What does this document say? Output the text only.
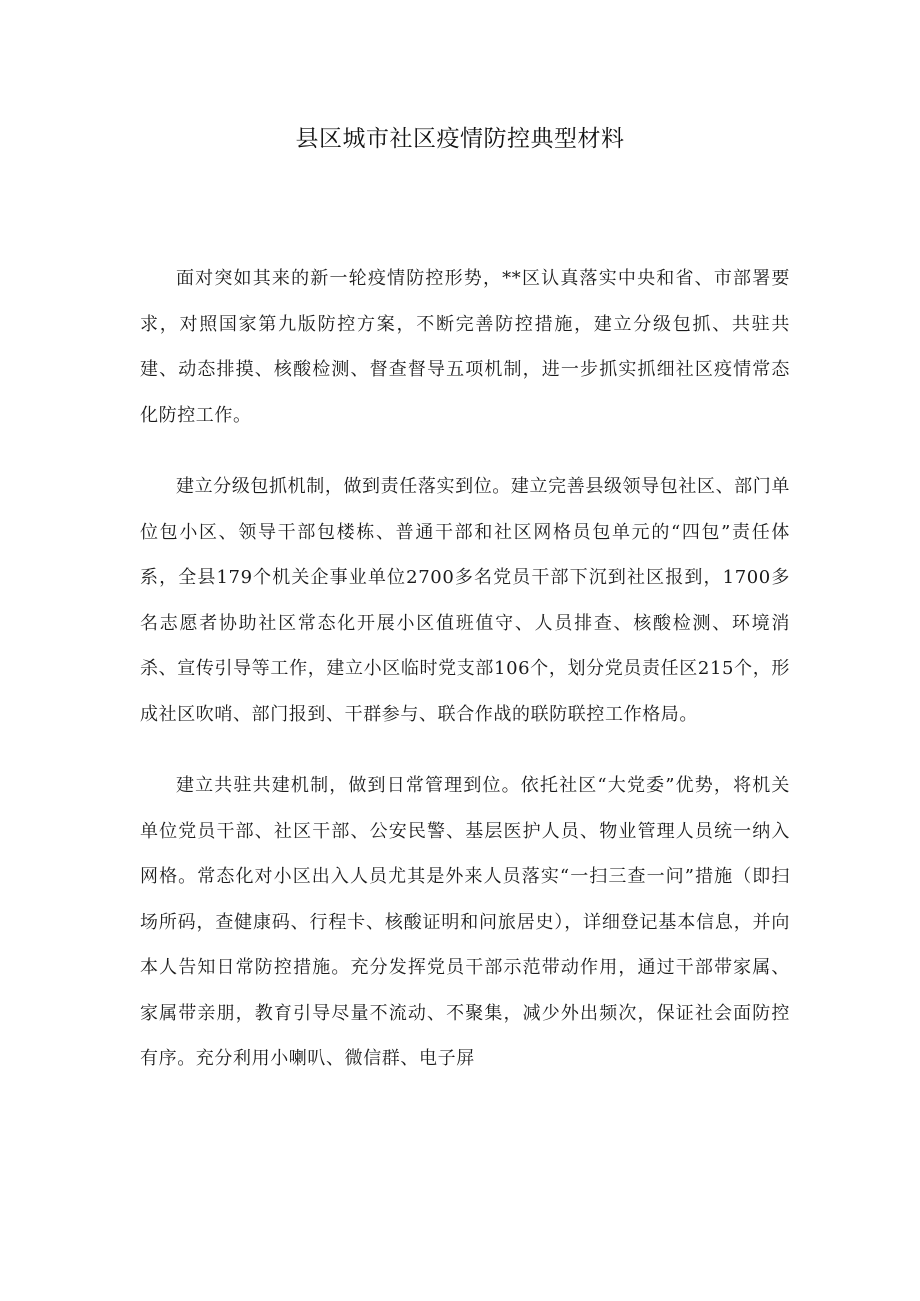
县区城市社区疫情防控典型材料

面对突如其来的新一轮疫情防控形势，**区认真落实中央和省、市部署要求，对照国家第九版防控方案，不断完善防控措施，建立分级包抓、共驻共建、动态排摸、核酸检测、督查督导五项机制，进一步抓实抓细社区疫情常态化防控工作。

建立分级包抓机制，做到责任落实到位。建立完善县级领导包社区、部门单位包小区、领导干部包楼栋、普通干部和社区网格员包单元的“四包”责任体系，全县179个机关企事业单位2700多名党员干部下沉到社区报到，1700多名志愿者协助社区常态化开展小区值班值守、人员排查、核酸检测、环境消杀、宣传引导等工作，建立小区临时党支部106个，划分党员责任区215个，形成社区吹哨、部门报到、干群参与、联合作战的联防联控工作格局。

建立共驻共建机制，做到日常管理到位。依托社区“大党委”优势，将机关单位党员干部、社区干部、公安民警、基层医护人员、物业管理人员统一纳入网格。常态化对小区出入人员尤其是外来人员落实“一扫三查一问”措施（即扫场所码，查健康码、行程卡、核酸证明和问旅居史），详细登记基本信息，并向本人告知日常防控措施。充分发挥党员干部示范带动作用，通过干部带家属、家属带亲朋，教育引导尽量不流动、不聚集，减少外出频次，保证社会面防控有序。充分利用小喇叭、微信群、电子屏
